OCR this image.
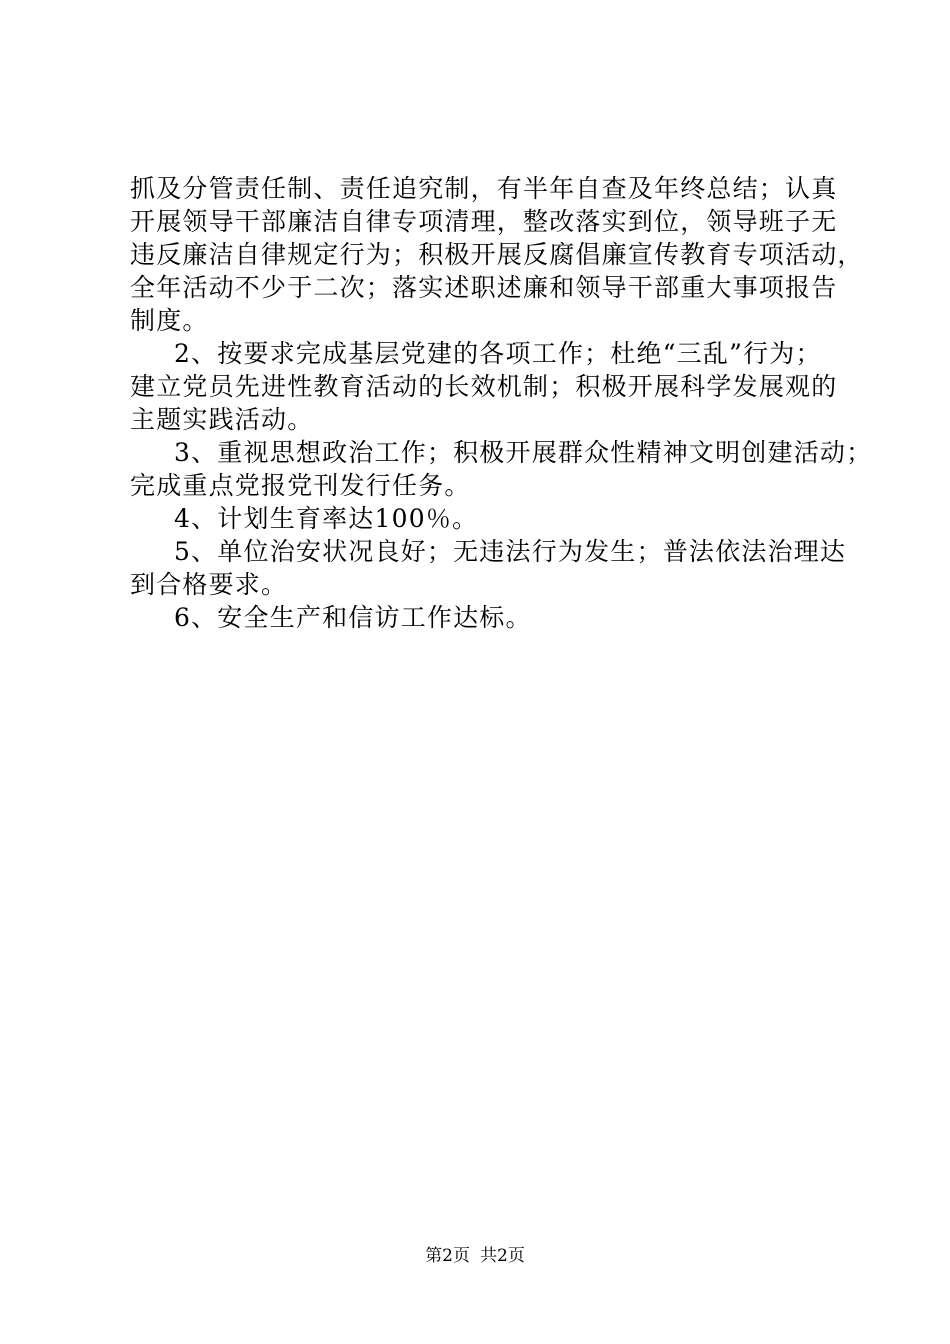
抓及分管责任制、责任追究制，有半年自查及年终总结；认真
开展领导干部廉洁自律专项清理，整改落实到位，领导班子无
违反廉洁自律规定行为；积极开展反腐倡廉宣传教育专项活动，
全年活动不少于二次；落实述职述廉和领导干部重大事项报告
制度。
2、按要求完成基层党建的各项工作；杜绝“三乱”行为；
建立党员先进性教育活动的长效机制；积极开展科学发展观的
主题实践活动。
3、重视思想政治工作；积极开展群众性精神文明创建活动；
完成重点党报党刊发行任务。
4、计划生育率达100％。
5、单位治安状况良好；无违法行为发生；普法依法治理达
到合格要求。
6、安全生产和信访工作达标。
第2页 共2页
